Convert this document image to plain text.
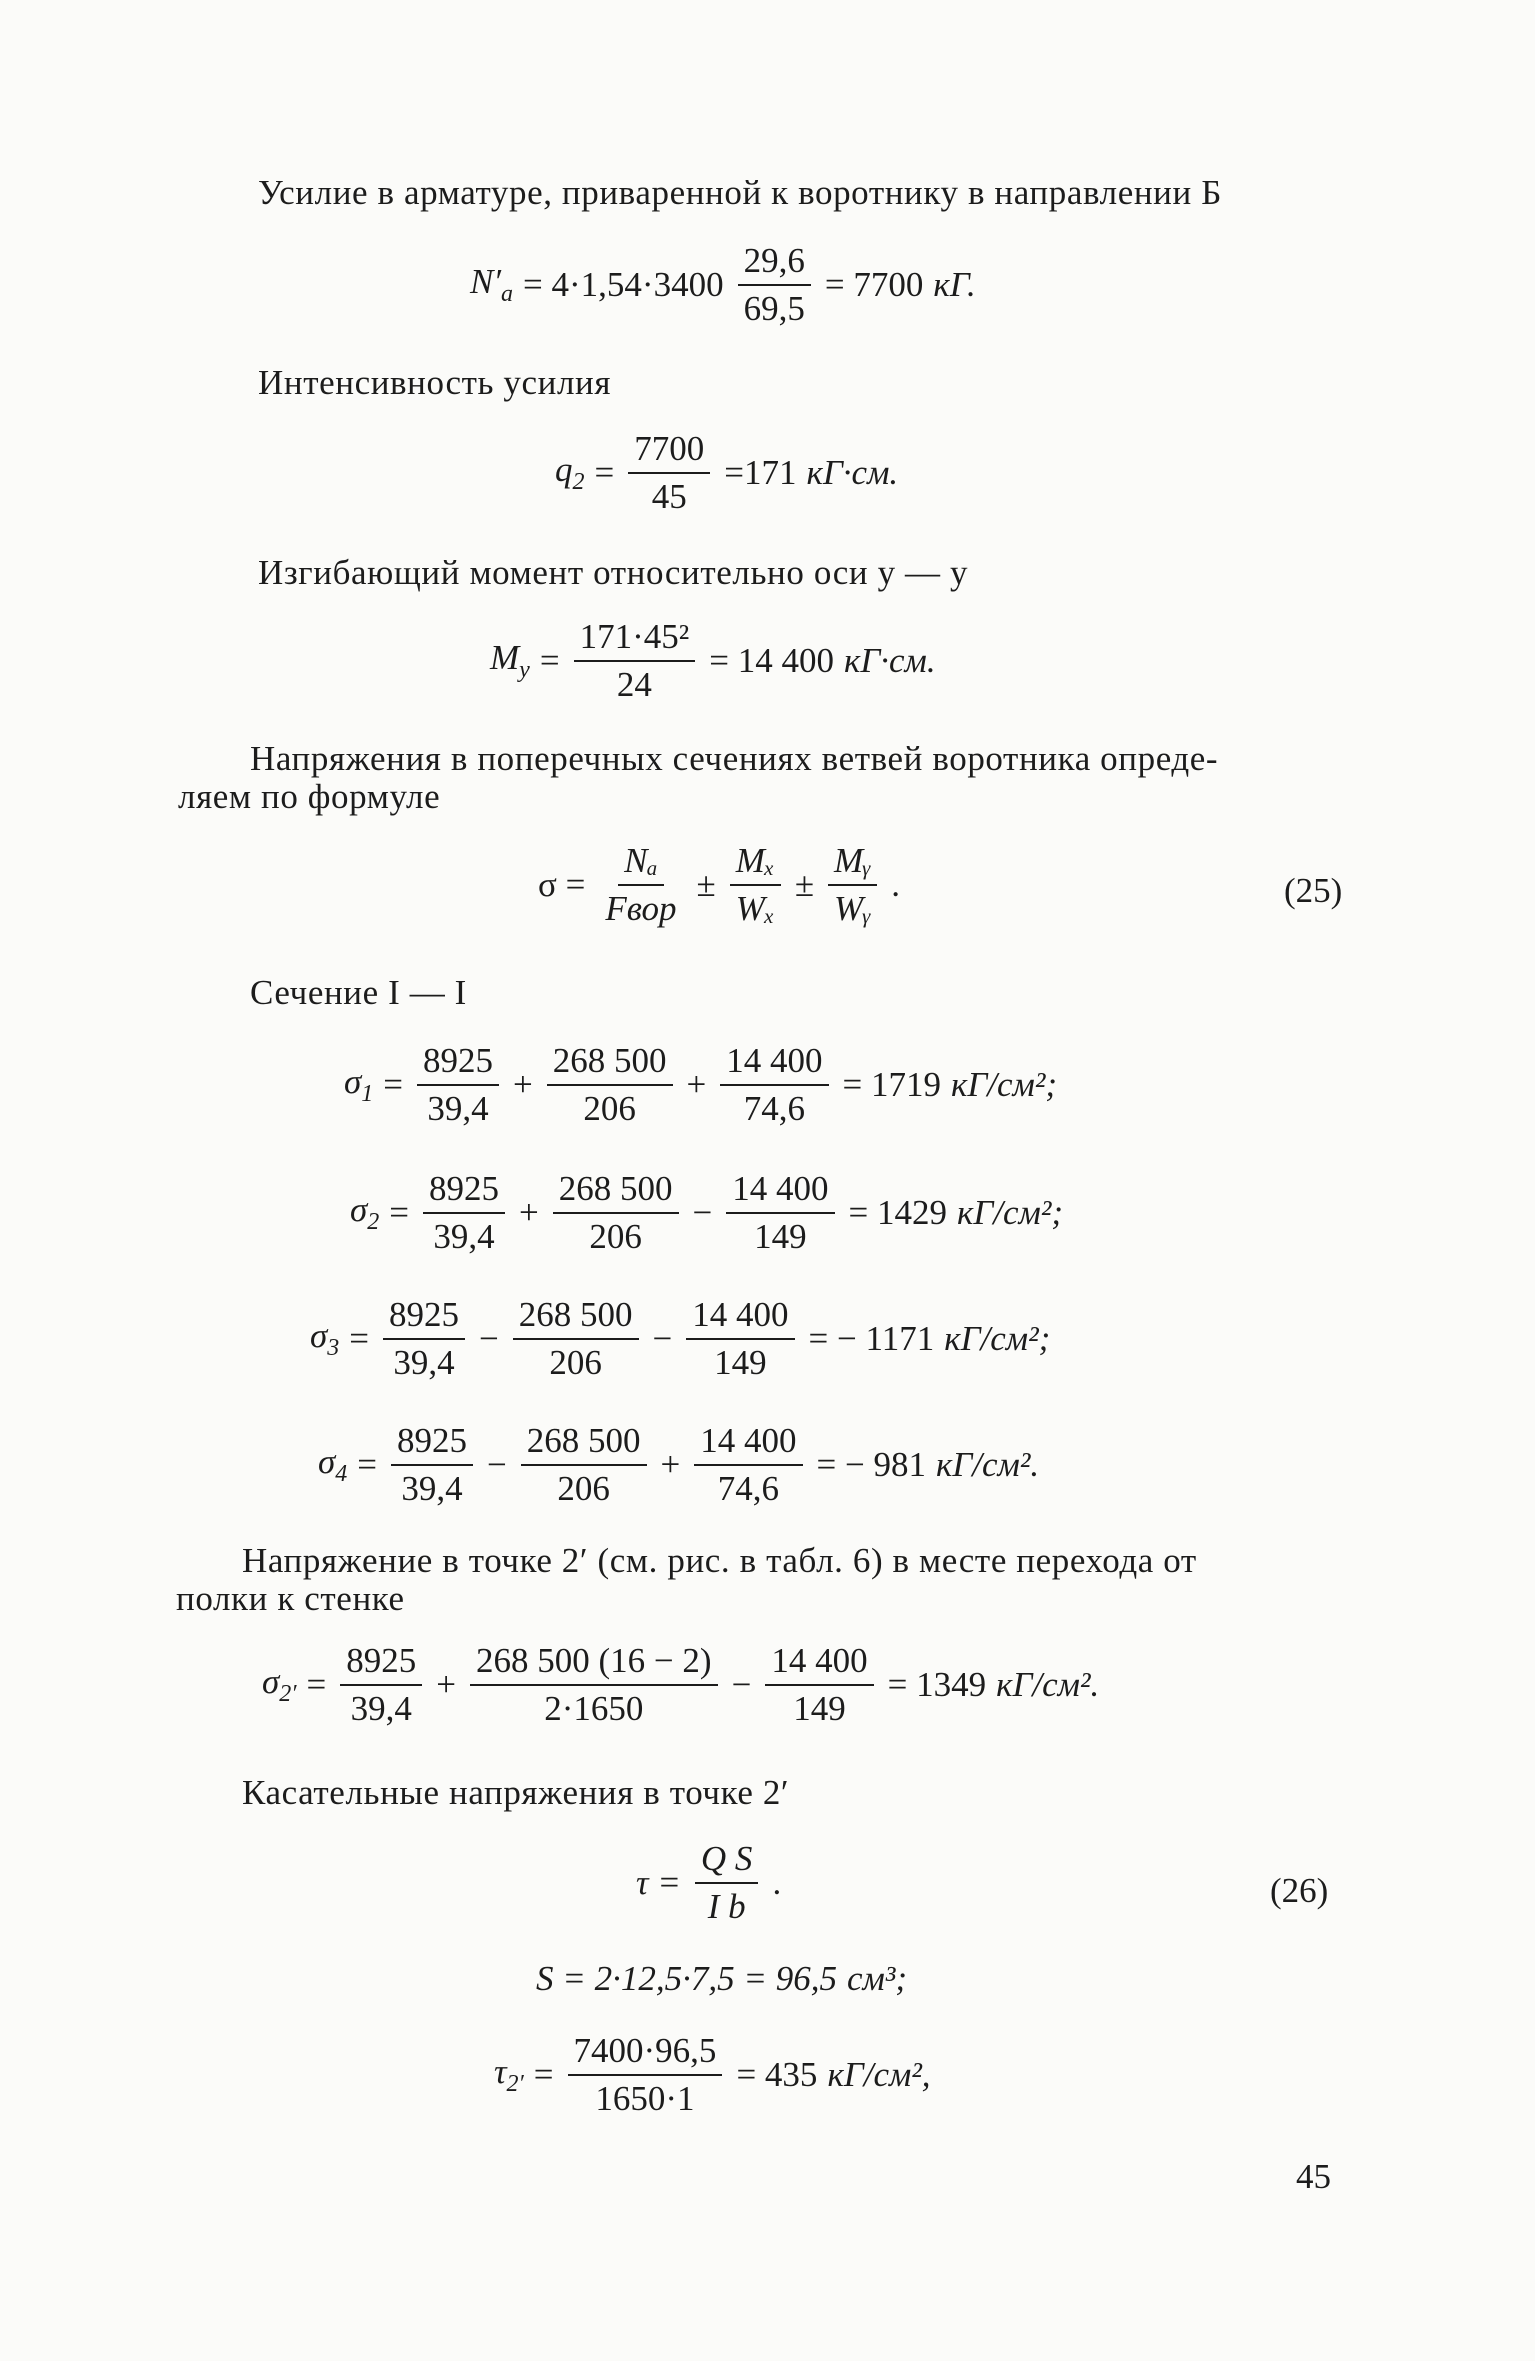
Усилие в арматуре, приваренной к воротнику в направлении Б
$N'_a = 4\cdot 1,54\cdot 3400 \frac{29,6}{69,5} = 7700$ кГ.
Интенсивность усилия
$q_2 = \frac{7700}{45} =171$ кГ·см.
Изгибающий момент относительно оси y — y
$M_y = \frac{\text{171·45²}}{24} = 14$ 400 кГ·см.
Напряжения в поперечных сечениях ветвей воротника опреде-
ляем по формуле
$\sigma = \frac{\text{Nₐ}}{\text{Fвор}} \pm \frac{\text{Mₓ}}{\text{Wₓ}} \pm \frac{\text{Mᵧ}}{\text{Wᵧ}}$ .	(25)
Сечение I — I
$\sigma_1 = \frac{8925}{39,4} + \frac{268 500}{206} + \frac{14 400}{74,6} = 1719$ кГ/см²;
$\sigma_2 = \frac{8925}{39,4} + \frac{268 500}{206} - \frac{14 400}{149} = 1429$ кГ/см²;
$\sigma_3 = \frac{8925}{39,4} - \frac{268 500}{206} - \frac{14 400}{149}$ = − 1171 кГ/см²;
$\sigma_4 = \frac{8925}{39,4} - \frac{268 500}{206} + \frac{14 400}{74,6}$ = − 981 кГ/см².
Напряжение в точке 2′ (см. рис. в табл. 6) в месте перехода от
полки к стенке
$\sigma_{2'} = \frac{8925}{39,4} + \frac{268 500 (16 - 2)}{2\cdot 1650} - \frac{14 400}{149} = 1349$ кГ/см².
Касательные напряжения в точке 2′
$\tau = \frac{\text{Q S}}{\text{I b}}$ .	(26)
S = 2·12,5·7,5 = 96,5 см³;
$\tau_{2'} = \frac{7400\cdot 96,5}{1650\cdot 1} = 435$ кГ/см²,
45
